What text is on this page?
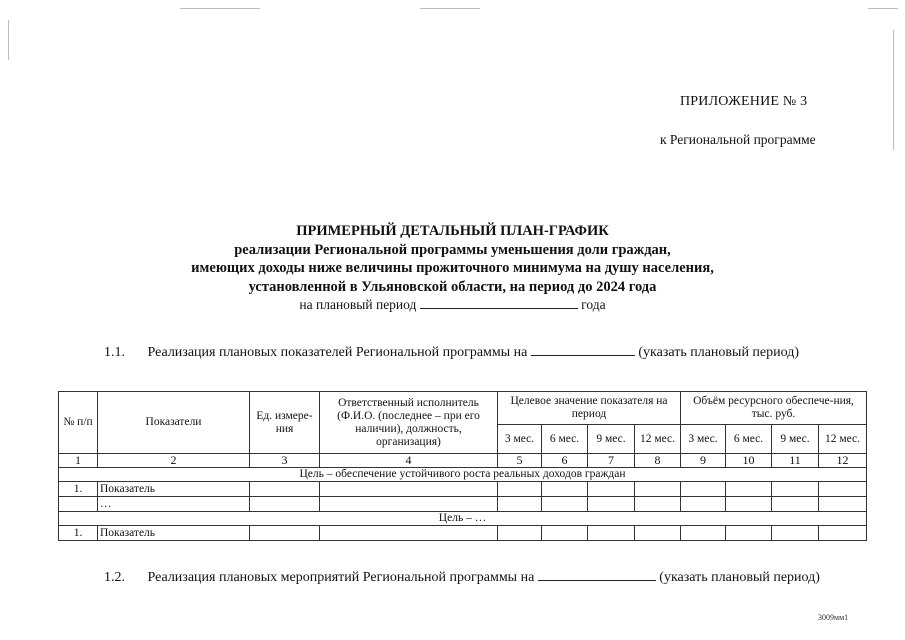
ПРИЛОЖЕНИЕ № 3
к Региональной программе
ПРИМЕРНЫЙ ДЕТАЛЬНЫЙ ПЛАН-ГРАФИК
реализации Региональной программы уменьшения доли граждан,
имеющих доходы ниже величины прожиточного минимума на душу населения,
установленной в Ульяновской области, на период до 2024 года
на плановый период	года
1.1. Реализация плановых показателей Региональной программы на	(указать плановый период)
№ п/п	Показатели	Ед. измере-ния	Ответственный исполнитель (Ф.И.О. (последнее – при его наличии), должность, организация)	Целевое значение показателя на период				Объём ресурсного обеспече-ния, тыс. руб.			
				3 мес.	6 мес.	9 мес.	12 мес.	3 мес.	6 мес.	9 мес.	12 мес.
1	2	3	4	5	6	7	8	9	10	11	12
Цель – обеспечение устойчивого роста реальных доходов граждан											
1.	Показатель										
	…										
Цель – …											
1.	Показатель										
1.2. Реализация плановых мероприятий Региональной программы на	(указать плановый период)
3009мм1
